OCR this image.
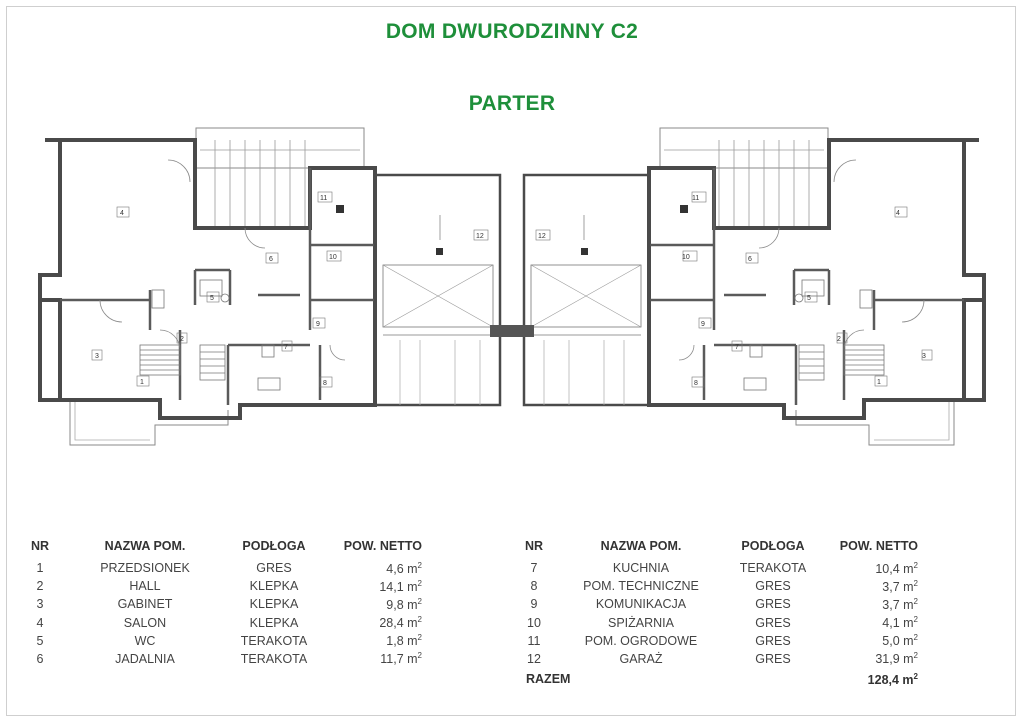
DOM DWURODZINNY C2
PARTER
1
2
3
4
5
6
7
8
9
10
11
12
1
2
3
4
5
6
7
8
9
10
11
12
NR	NAZWA POM.	PODŁOGA	POW. NETTO
1	PRZEDSIONEK	GRES	4,6 $m^2$
2	HALL	KLEPKA	14,1 $m^2$
3	GABINET	KLEPKA	9,8 $m^2$
4	SALON	KLEPKA	28,4 $m^2$
5	WC	TERAKOTA	1,8 $m^2$
6	JADALNIA	TERAKOTA	11,7 $m^2$
NR	NAZWA POM.	PODŁOGA	POW. NETTO
7	KUCHNIA	TERAKOTA	10,4 $m^2$
8	POM. TECHNICZNE	GRES	3,7 $m^2$
9	KOMUNIKACJA	GRES	3,7 $m^2$
10	SPIŻARNIA	GRES	4,1 $m^2$
11	POM. OGRODOWE	GRES	5,0 $m^2$
12	GARAŻ	GRES	31,9 $m^2$
RAZEM			128,4 $m^2$
